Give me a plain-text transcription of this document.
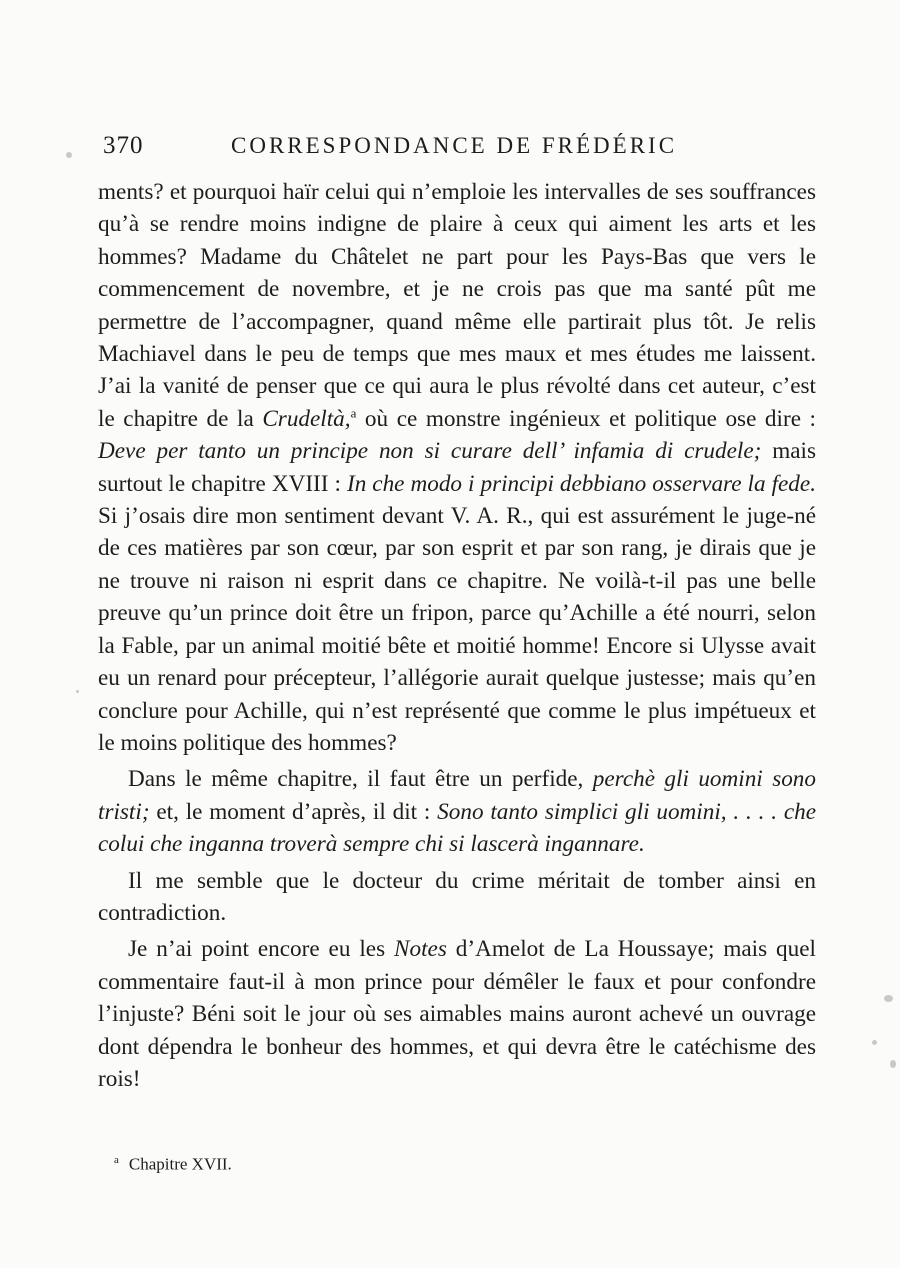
370	CORRESPONDANCE DE FRÉDÉRIC

ments? et pourquoi haïr celui qui n’emploie les intervalles de ses souffrances qu’à se rendre moins indigne de plaire à ceux qui aiment les arts et les hommes? Madame du Châtelet ne part pour les Pays-Bas que vers le commencement de novembre, et je ne crois pas que ma santé pût me permettre de l’accompagner, quand même elle partirait plus tôt. Je relis Machiavel dans le peu de temps que mes maux et mes études me laissent. J’ai la vanité de penser que ce qui aura le plus révolté dans cet auteur, c’est le chapitre de la Crudeltà,$^a$ où ce monstre ingénieux et politique ose dire : Deve per tanto un principe non si curare dell’ infamia di crudele; mais surtout le chapitre XVIII : In che modo i principi debbiano osservare la fede. Si j’osais dire mon sentiment devant V. A. R., qui est assurément le juge-né de ces matières par son cœur, par son esprit et par son rang, je dirais que je ne trouve ni raison ni esprit dans ce chapitre. Ne voilà-t-il pas une belle preuve qu’un prince doit être un fripon, parce qu’Achille a été nourri, selon la Fable, par un animal moitié bête et moitié homme! Encore si Ulysse avait eu un renard pour précepteur, l’allégorie aurait quelque justesse; mais qu’en conclure pour Achille, qui n’est représenté que comme le plus impétueux et le moins politique des hommes?

Dans le même chapitre, il faut être un perfide, perchè gli uomini sono tristi; et, le moment d’après, il dit : Sono tanto simplici gli uomini, . . . . che colui che inganna troverà sempre chi si lascerà ingannare.

Il me semble que le docteur du crime méritait de tomber ainsi en contradiction.

Je n’ai point encore eu les Notes d’Amelot de La Houssaye; mais quel commentaire faut-il à mon prince pour démêler le faux et pour confondre l’injuste? Béni soit le jour où ses aimables mains auront achevé un ouvrage dont dépendra le bonheur des hommes, et qui devra être le catéchisme des rois!

$^a$ Chapitre XVII.
